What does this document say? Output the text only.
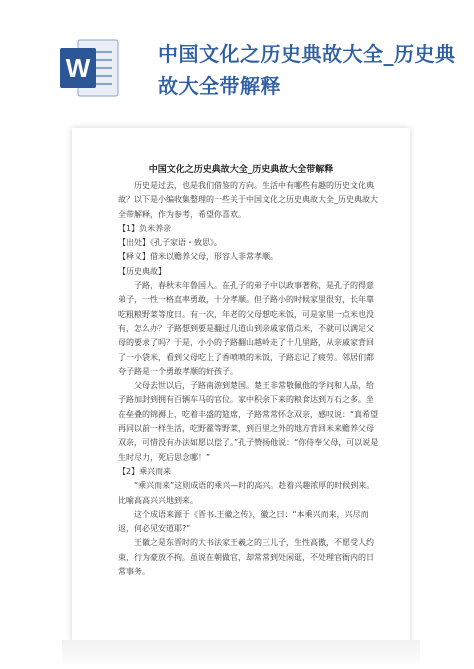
W	中国文化之历史典故大全_历史典故大全带解释
中国文化之历史典故大全_历史典故大全带解释

历史是过去，也是我们借鉴的方向。生活中有哪些有趣的历史文化典故？以下是小编收集整理的一些关于中国文化之历史典故大全_历史典故大全带解释，作为参考，希望你喜欢。

【1】负米养亲

【出处】《孔子家语・致思》。

【释义】借米以赡养父母，形容人非常孝顺。

【历史典故】

子路，春秋末年鲁国人。在孔子的弟子中以政事著称，是孔子的得意弟子，一性一格直率勇敢，十分孝顺。但子路小的时候家里很穷，长年靠吃粗粮野菜等度日。有一次，年老的父母想吃米饭，可是家里一点米也没有，怎么办？子路想到要是翻过几道山到亲戚家借点米，不就可以满足父母的要求了吗？于是，小小的子路翻山越岭走了十几里路，从亲戚家背回了一小袋米，看到父母吃上了香喷喷的米饭，子路忘记了疲劳。邻居们都夸子路是一个勇敢孝顺的好孩子。

父母去世以后，子路南游到楚国。楚王非常敬佩他的学问和人品，给子路加封到拥有百辆车马的官位。家中积余下来的粮食达到万石之多。坐在垒叠的锦褥上，吃着丰盛的筵席，子路常常怀念双亲，感叹说：“真希望再同以前一样生活，吃野藿等野菜，到百里之外的地方背回米来赡养父母双亲，可惜没有办法如愿以偿了。”孔子赞扬他说：“你侍奉父母，可以说是生时尽力，死后思念哪！”

【2】乘兴而来

“乘兴而来”这则成语的乘兴—时的高兴。趁着兴趣浓厚的时候到来。比喻高高兴兴地到来。

这个成语来源于《晋书.王徽之传》，徽之曰：“本乘兴而来，兴尽而返，何必见安道耶?”

王徽之是东晋时的大书法家王羲之的三儿子，生性高傲，不愿受人约束，行为豪放不拘。虽说在朝做官，却常常到处闲逛，不处理官衙内的日常事务。
